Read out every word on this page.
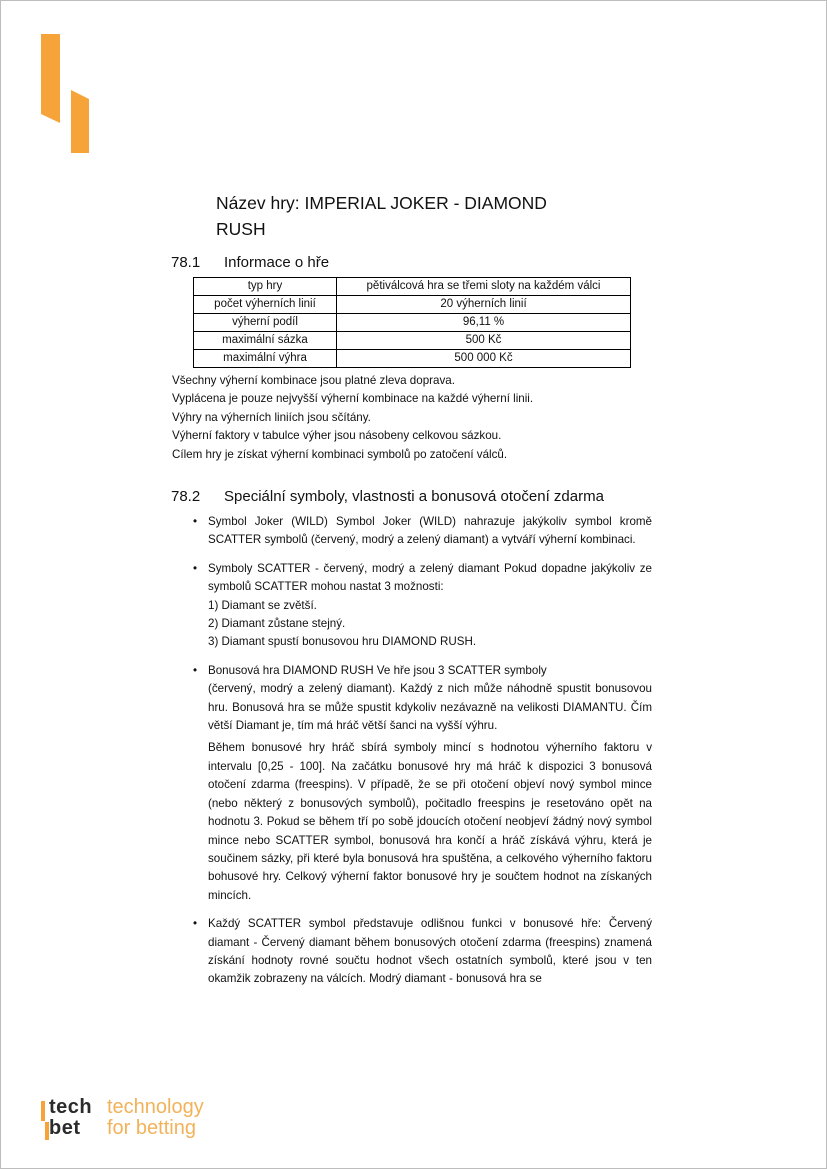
Název hry: IMPERIAL JOKER - DIAMOND
RUSH
78.1 Informace o hře
typ hry	pětiválcová hra se třemi sloty na každém válci
počet výherních linií	20 výherních linií
výherní podíl	96,11 %
maximální sázka	500 Kč
maximální výhra	500 000 Kč
Všechny výherní kombinace jsou platné zleva doprava.
Vyplácena je pouze nejvyšší výherní kombinace na každé výherní linii.
Výhry na výherních liniích jsou sčítány.
Výherní faktory v tabulce výher jsou násobeny celkovou sázkou.
Cílem hry je získat výherní kombinaci symbolů po zatočení válců.
78.2 Speciální symboly, vlastnosti a bonusová otočení zdarma
• Symbol Joker (WILD) Symbol Joker (WILD) nahrazuje jakýkoliv symbol kromě SCATTER symbolů (červený, modrý a zelený diamant) a vytváří výherní kombinaci.

• Symboly SCATTER - červený, modrý a zelený diamant Pokud dopadne jakýkoliv ze symbolů SCATTER mohou nastat 3 možnosti:

1) Diamant se zvětší.
2) Diamant zůstane stejný.
3) Diamant spustí bonusovou hru DIAMOND RUSH.
• Bonusová hra DIAMOND RUSH Ve hře jsou 3 SCATTER symboly

(červený, modrý a zelený diamant). Každý z nich může náhodně spustit bonusovou hru. Bonusová hra se může spustit kdykoliv nezávazně na velikosti DIAMANTU. Čím větší Diamant je, tím má hráč větší šanci na vyšší výhru.

Během bonusové hry hráč sbírá symboly mincí s hodnotou výherního faktoru v intervalu [0,25 - 100]. Na začátku bonusové hry má hráč k dispozici 3 bonusová otočení zdarma (freespins). V případě, že se při otočení objeví nový symbol mince (nebo některý z bonusových symbolů), počitadlo freespins je resetováno opět na hodnotu 3. Pokud se během tří po sobě jdoucích otočení neobjeví žádný nový symbol mince nebo SCATTER symbol, bonusová hra končí a hráč získává výhru, která je součinem sázky, při které byla bonusová hra spuštěna, a celkového výherního faktoru bohusové hry. Celkový výherní faktor bonusové hry je součtem hodnot na získaných mincích.

• Každý SCATTER symbol představuje odlišnou funkci v bonusové hře: Červený diamant - Červený diamant během bonusových otočení zdarma (freespins) znamená získání hodnoty rovné součtu hodnot všech ostatních symbolů, které jsou v ten okamžik zobrazeny na válcích. Modrý diamant - bonusová hra se

tech
bet
technology
for betting
